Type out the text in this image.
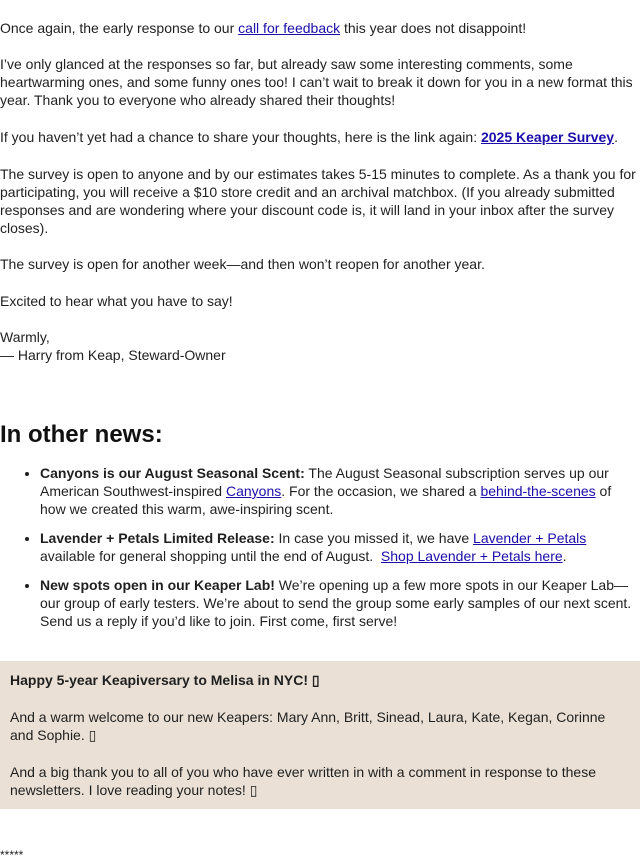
Once again, the early response to our call for feedback this year does not disappoint!

I’ve only glanced at the responses so far, but already saw some interesting comments, some heartwarming ones, and some funny ones too! I can’t wait to break it down for you in a new format this year. Thank you to everyone who already shared their thoughts!

If you haven’t yet had a chance to share your thoughts, here is the link again: 2025 Keaper Survey.

The survey is open to anyone and by our estimates takes 5-15 minutes to complete. As a thank you for participating, you will receive a $10 store credit and an archival matchbox. (If you already submitted responses and are wondering where your discount code is, it will land in your inbox after the survey closes).

The survey is open for another week—and then won’t reopen for another year.

Excited to hear what you have to say!

Warmly,

— Harry from Keap, Steward-Owner

In other news:
• Canyons is our August Seasonal Scent: The August Seasonal subscription serves up our American Southwest-inspired Canyons. For the occasion, we shared a behind-the-scenes of how we created this warm, awe-inspiring scent.
• Lavender + Petals Limited Release: In case you missed it, we have Lavender + Petals available for general shopping until the end of August.  Shop Lavender + Petals here.
• New spots open in our Keaper Lab! We’re opening up a few more spots in our Keaper Lab—our group of early testers. We’re about to send the group some early samples of our next scent. Send us a reply if you’d like to join. First come, first serve!

Happy 5-year Keapiversary to Melisa in NYC! ▯

And a warm welcome to our new Keapers: Mary Ann, Britt, Sinead, Laura, Kate, Kegan, Corinne and Sophie. ▯

And a big thank you to all of you who have ever written in with a comment in response to these newsletters. I love reading your notes! ▯

*****
